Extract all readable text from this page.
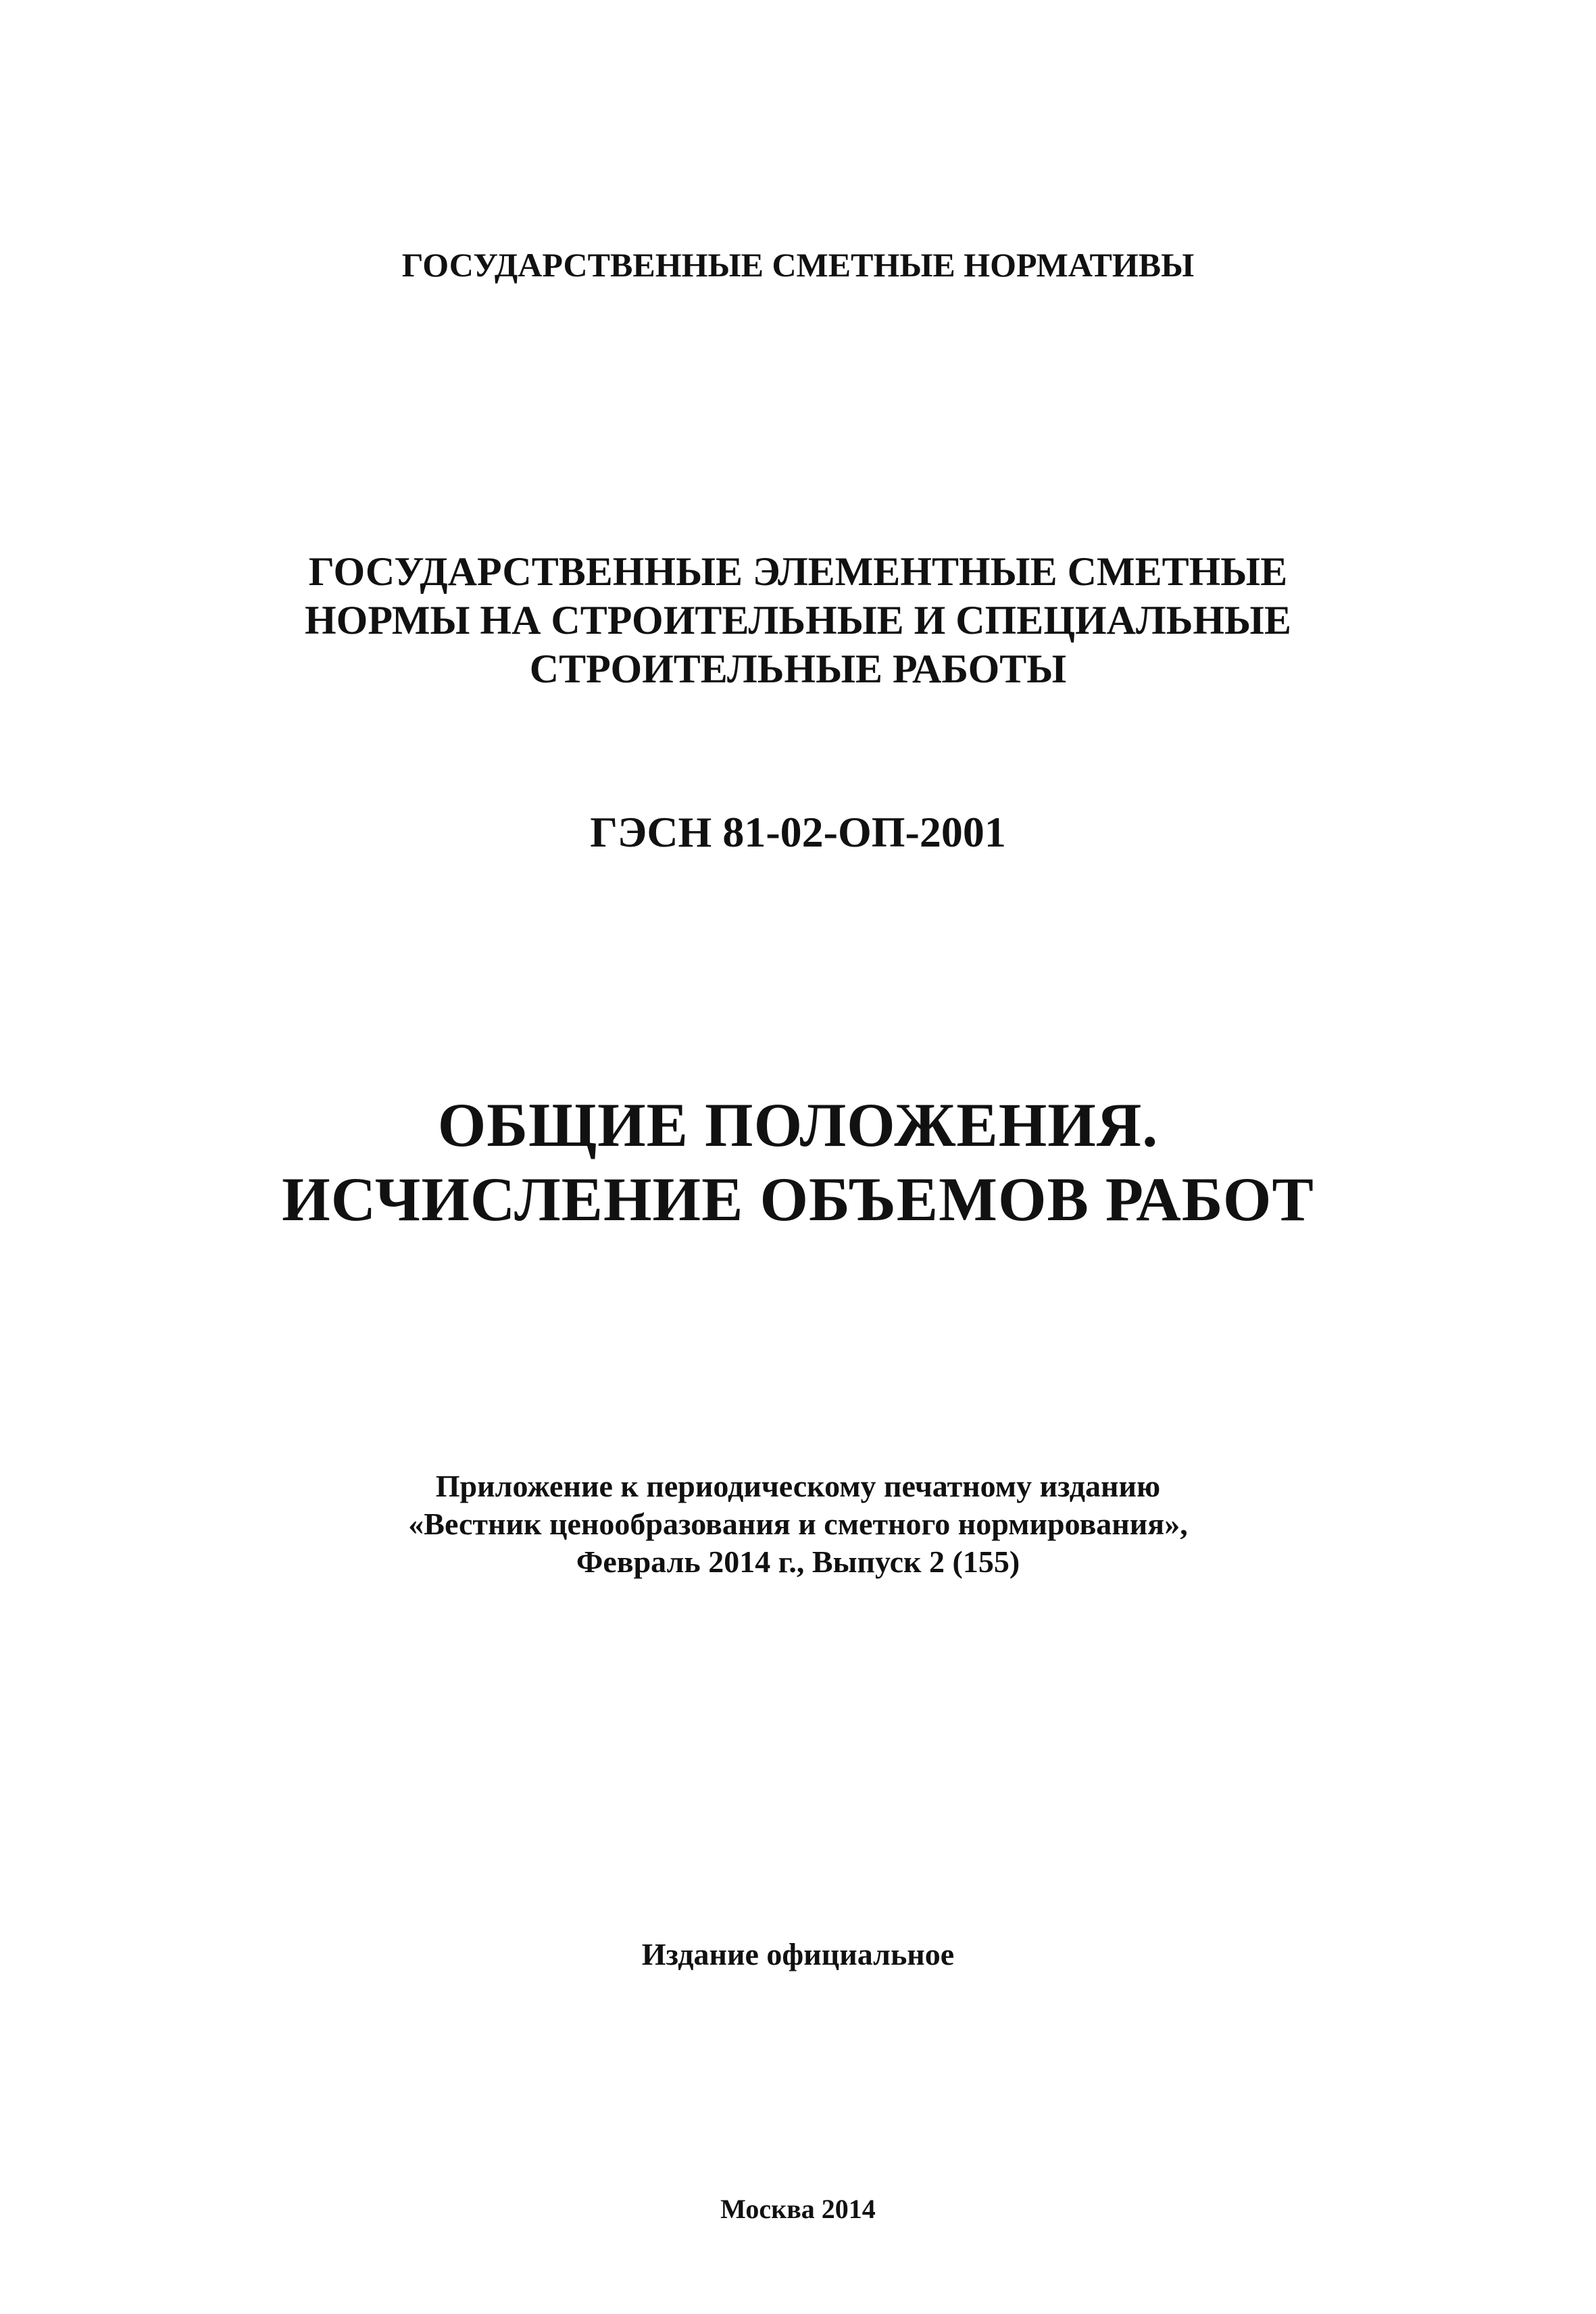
ГОСУДАРСТВЕННЫЕ СМЕТНЫЕ НОРМАТИВЫ
ГОСУДАРСТВЕННЫЕ ЭЛЕМЕНТНЫЕ СМЕТНЫЕ
НОРМЫ НА СТРОИТЕЛЬНЫЕ И СПЕЦИАЛЬНЫЕ
СТРОИТЕЛЬНЫЕ РАБОТЫ
ГЭСН 81-02-ОП-2001
ОБЩИЕ ПОЛОЖЕНИЯ.
ИСЧИСЛЕНИЕ ОБЪЕМОВ РАБОТ
Приложение к периодическому печатному изданию
«Вестник ценообразования и сметного нормирования»,
Февраль 2014 г., Выпуск 2 (155)
Издание официальное
Москва 2014
